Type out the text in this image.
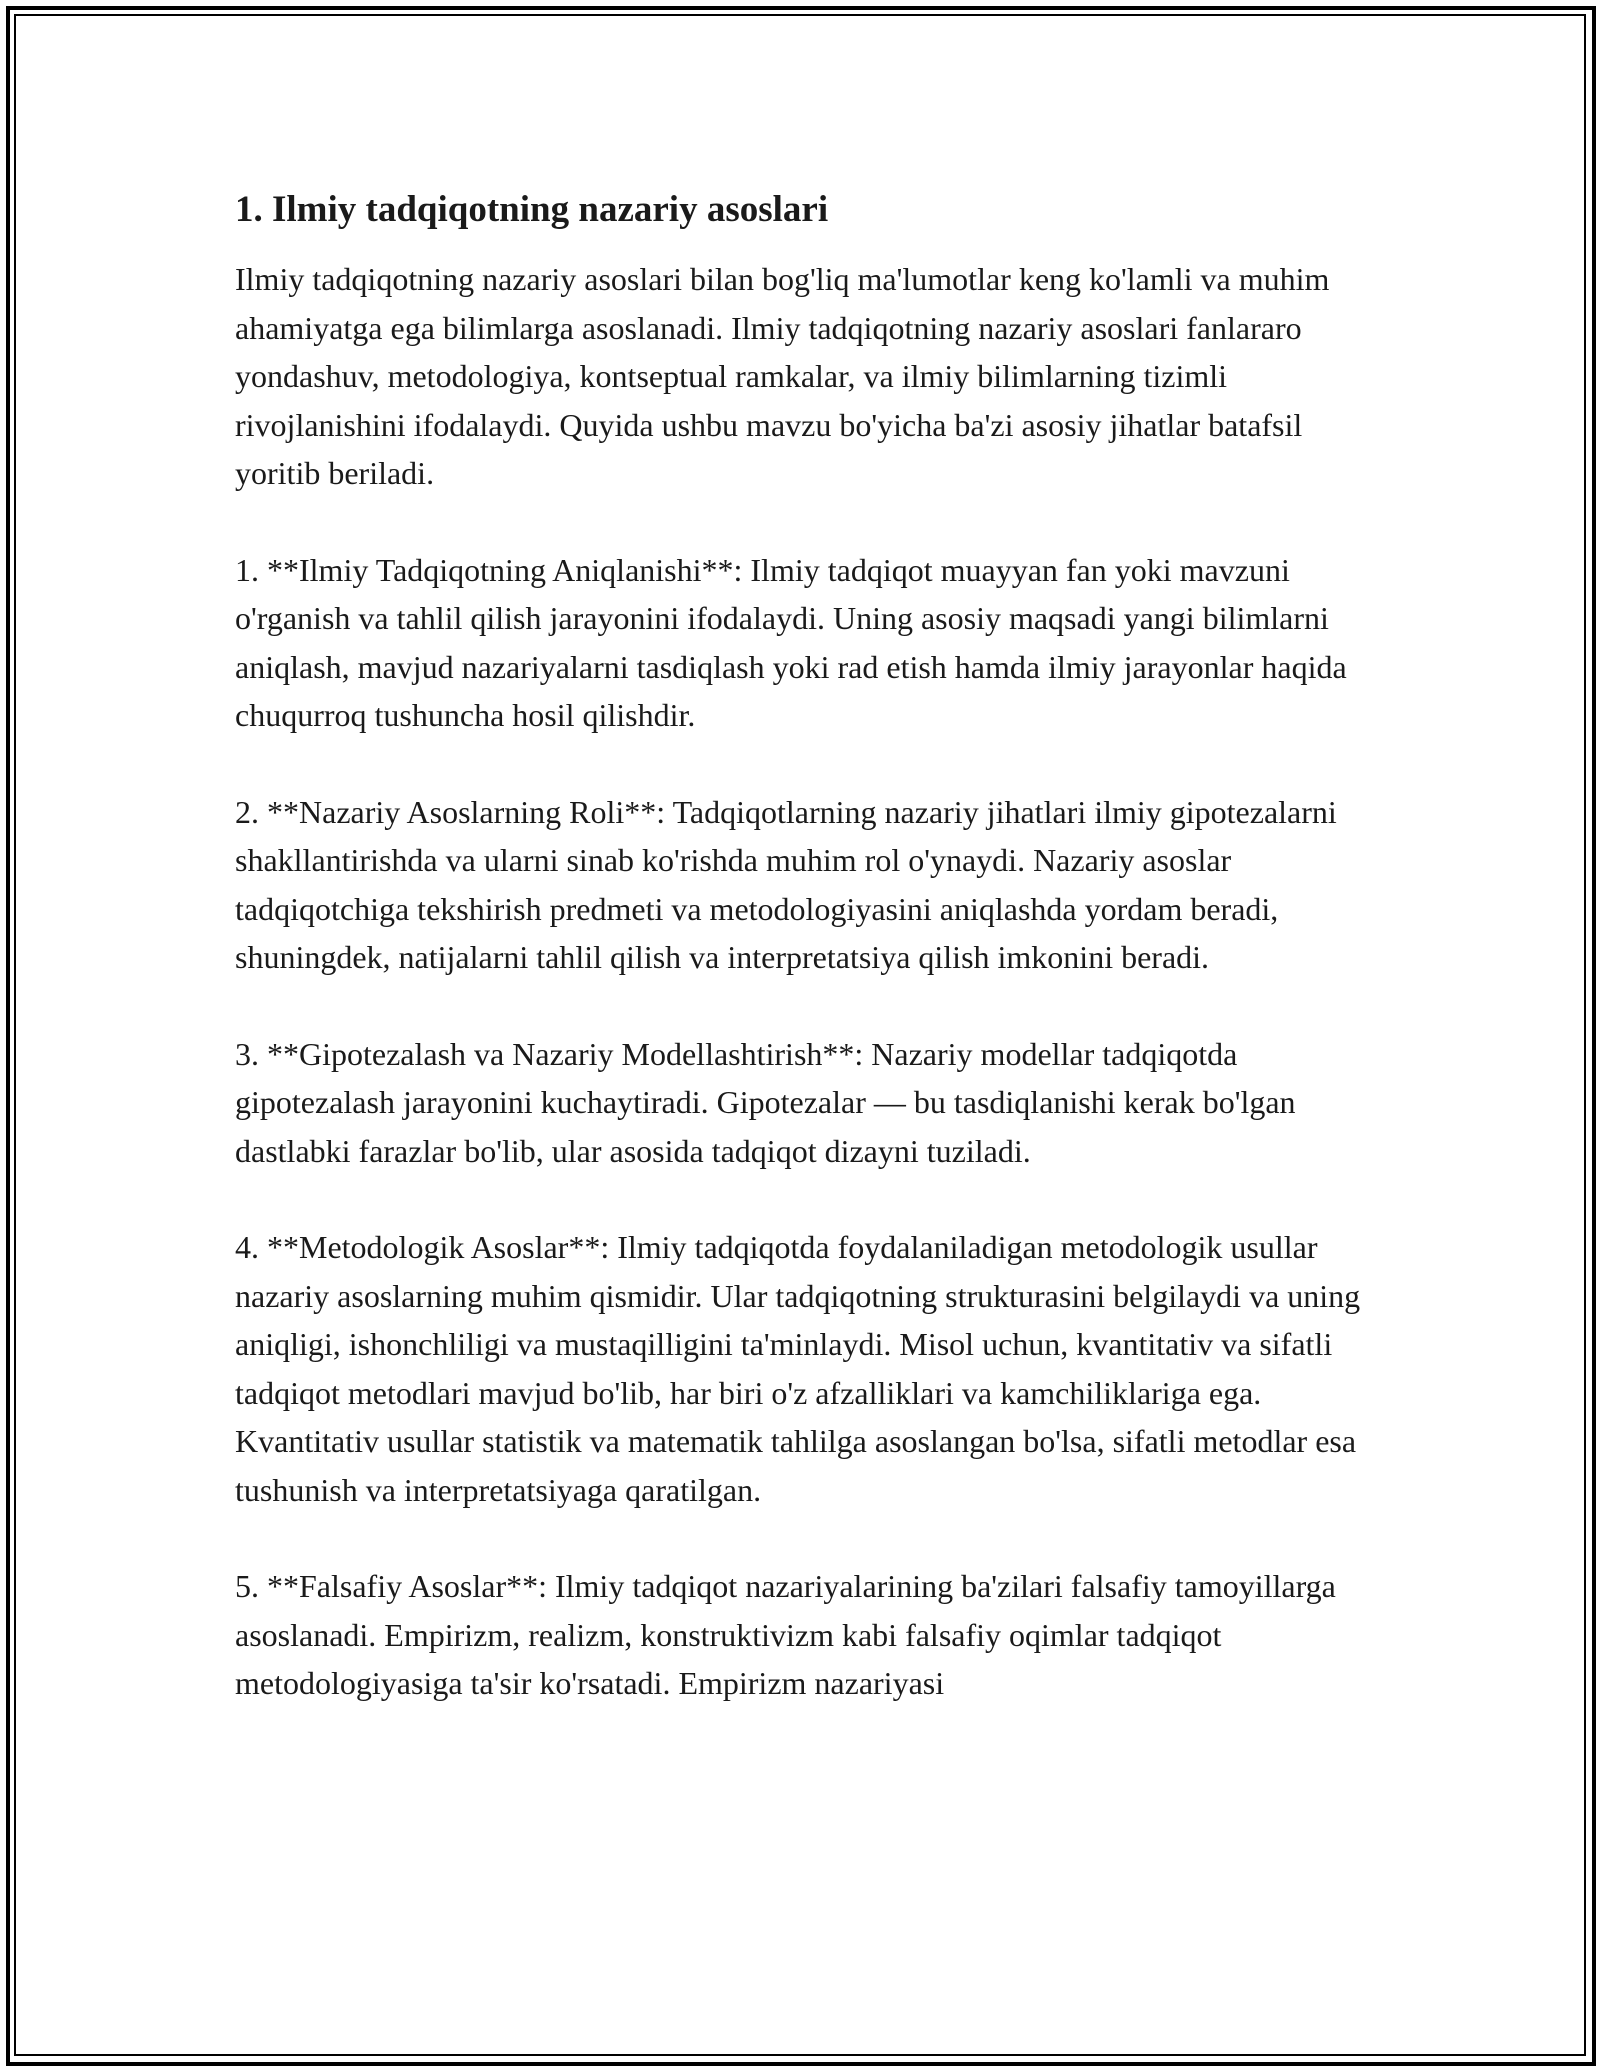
1. Ilmiy tadqiqotning nazariy asoslari

Ilmiy tadqiqotning nazariy asoslari bilan bog'liq ma'lumotlar keng ko'lamli va muhim ahamiyatga ega bilimlarga asoslanadi. Ilmiy tadqiqotning nazariy asoslari fanlararo yondashuv, metodologiya, kontseptual ramkalar, va ilmiy bilimlarning tizimli rivojlanishini ifodalaydi. Quyida ushbu mavzu bo'yicha ba'zi asosiy jihatlar batafsil yoritib beriladi.

1. **Ilmiy Tadqiqotning Aniqlanishi**: Ilmiy tadqiqot muayyan fan yoki mavzuni o'rganish va tahlil qilish jarayonini ifodalaydi. Uning asosiy maqsadi yangi bilimlarni aniqlash, mavjud nazariyalarni tasdiqlash yoki rad etish hamda ilmiy jarayonlar haqida chuqurroq tushuncha hosil qilishdir.

2. **Nazariy Asoslarning Roli**: Tadqiqotlarning nazariy jihatlari ilmiy gipotezalarni shakllantirishda va ularni sinab ko'rishda muhim rol o'ynaydi. Nazariy asoslar tadqiqotchiga tekshirish predmeti va metodologiyasini aniqlashda yordam beradi, shuningdek, natijalarni tahlil qilish va interpretatsiya qilish imkonini beradi.

3. **Gipotezalash va Nazariy Modellashtirish**: Nazariy modellar tadqiqotda gipotezalash jarayonini kuchaytiradi. Gipotezalar — bu tasdiqlanishi kerak bo'lgan dastlabki farazlar bo'lib, ular asosida tadqiqot dizayni tuziladi.

4. **Metodologik Asoslar**: Ilmiy tadqiqotda foydalaniladigan metodologik usullar nazariy asoslarning muhim qismidir. Ular tadqiqotning strukturasini belgilaydi va uning aniqligi, ishonchliligi va mustaqilligini ta'minlaydi. Misol uchun, kvantitativ va sifatli tadqiqot metodlari mavjud bo'lib, har biri o'z afzalliklari va kamchiliklariga ega. Kvantitativ usullar statistik va matematik tahlilga asoslangan bo'lsa, sifatli metodlar esa tushunish va interpretatsiyaga qaratilgan.

5. **Falsafiy Asoslar**: Ilmiy tadqiqot nazariyalarining ba'zilari falsafiy tamoyillarga asoslanadi. Empirizm, realizm, konstruktivizm kabi falsafiy oqimlar tadqiqot metodologiyasiga ta'sir ko'rsatadi. Empirizm nazariyasi
